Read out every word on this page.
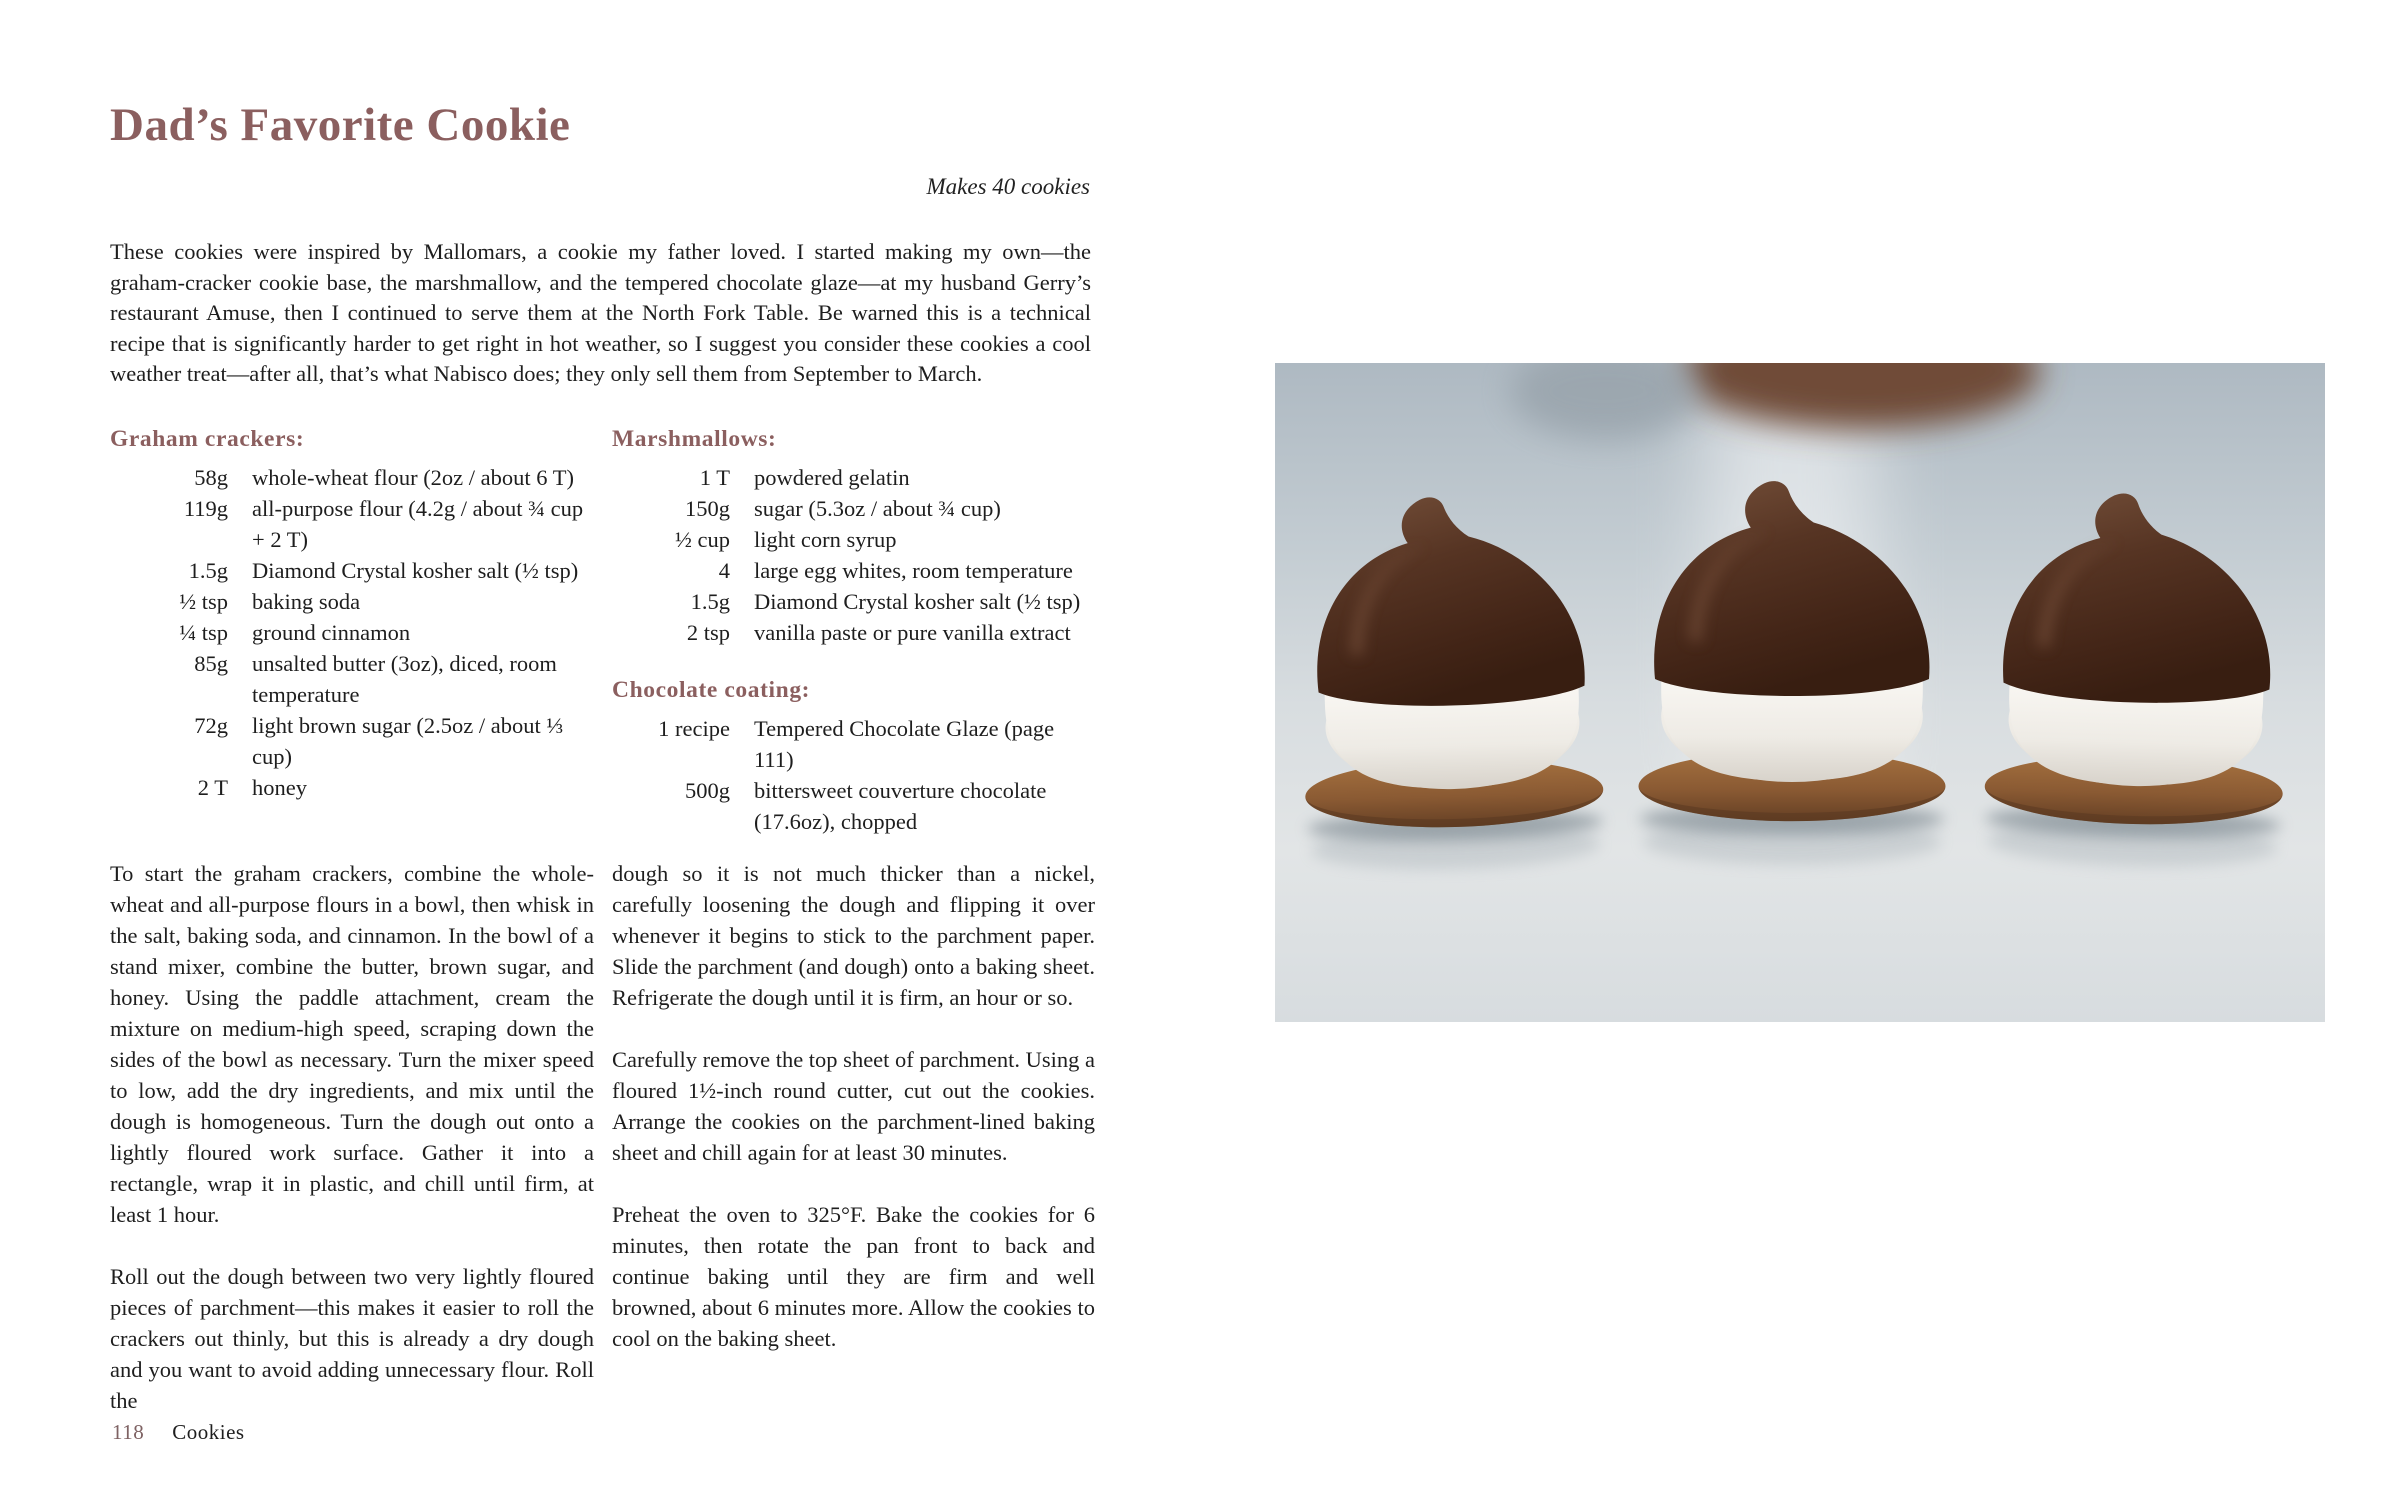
Dad’s Favorite Cookie
Makes 40 cookies

These cookies were inspired by Mallomars, a cookie my father loved. I started making my own—the graham-cracker cookie base, the marshmallow, and the tempered chocolate glaze—at my husband Gerry’s restaurant Amuse, then I continued to serve them at the North Fork Table. Be warned this is a technical recipe that is significantly harder to get right in hot weather, so I suggest you consider these cookies a cool weather treat—after all, that’s what Nabisco does; they only sell them from September to March.

Graham crackers:
58g	whole-wheat flour (2oz / about 6 T)
119g	all-purpose flour (4.2g / about ¾ cup + 2 T)
1.5g	Diamond Crystal kosher salt (½ tsp)
½ tsp	baking soda
¼ tsp	ground cinnamon
85g	unsalted butter (3oz), diced, room temperature
72g	light brown sugar (2.5oz / about ⅓ cup)
2 T	honey
Marshmallows:
1 T	powdered gelatin
150g	sugar (5.3oz / about ¾ cup)
½ cup	light corn syrup
4	large egg whites, room temperature
1.5g	Diamond Crystal kosher salt (½ tsp)
2 tsp	vanilla paste or pure vanilla extract
Chocolate coating:
1 recipe	Tempered Chocolate Glaze (page 111)
500g	bittersweet couverture chocolate (17.6oz), chopped

To start the graham crackers, combine the whole-wheat and all-purpose flours in a bowl, then whisk in the salt, baking soda, and cinnamon. In the bowl of a stand mixer, combine the butter, brown sugar, and honey. Using the paddle attachment, cream the mixture on medium-high speed, scraping down the sides of the bowl as necessary. Turn the mixer speed to low, add the dry ingredients, and mix until the dough is homogeneous. Turn the dough out onto a lightly floured work surface. Gather it into a rectangle, wrap it in plastic, and chill until firm, at least 1 hour.

Roll out the dough between two very lightly floured pieces of parchment—this makes it easier to roll the crackers out thinly, but this is already a dry dough and you want to avoid adding unnecessary flour. Roll the

dough so it is not much thicker than a nickel, carefully loosening the dough and flipping it over whenever it begins to stick to the parchment paper. Slide the parchment (and dough) onto a baking sheet. Refrigerate the dough until it is firm, an hour or so.

Carefully remove the top sheet of parchment. Using a floured 1½-inch round cutter, cut out the cookies. Arrange the cookies on the parchment-lined baking sheet and chill again for at least 30 minutes.

Preheat the oven to 325°F. Bake the cookies for 6 minutes, then rotate the pan front to back and continue baking until they are firm and well browned, about 6 minutes more. Allow the cookies to cool on the baking sheet.

118 Cookies
